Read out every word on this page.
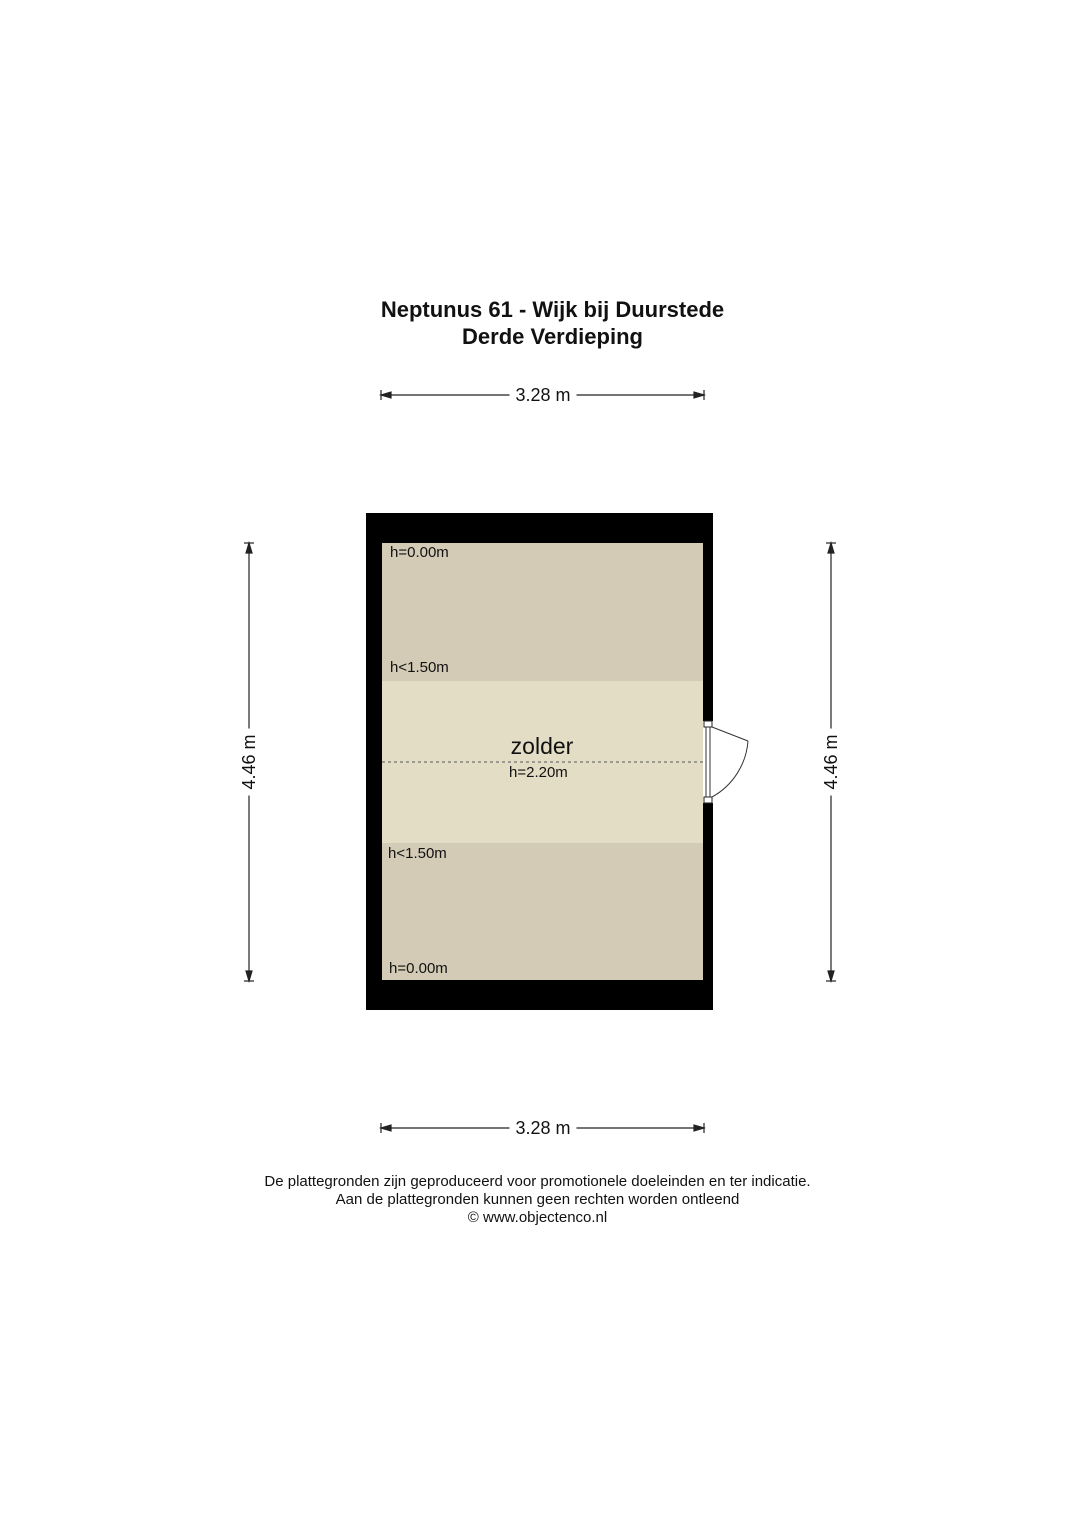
Neptunus 61 - Wijk bij Duurstede
Derde Verdieping
3.28 m
3.28 m
4.46 m	4.46 m
h=0.00m
h<1.50m
zolder
h=2.20m
h<1.50m
h=0.00m
De plattegronden zijn geproduceerd voor promotionele doeleinden en ter indicatie.
Aan de plattegronden kunnen geen rechten worden ontleend
© www.objectenco.nl
